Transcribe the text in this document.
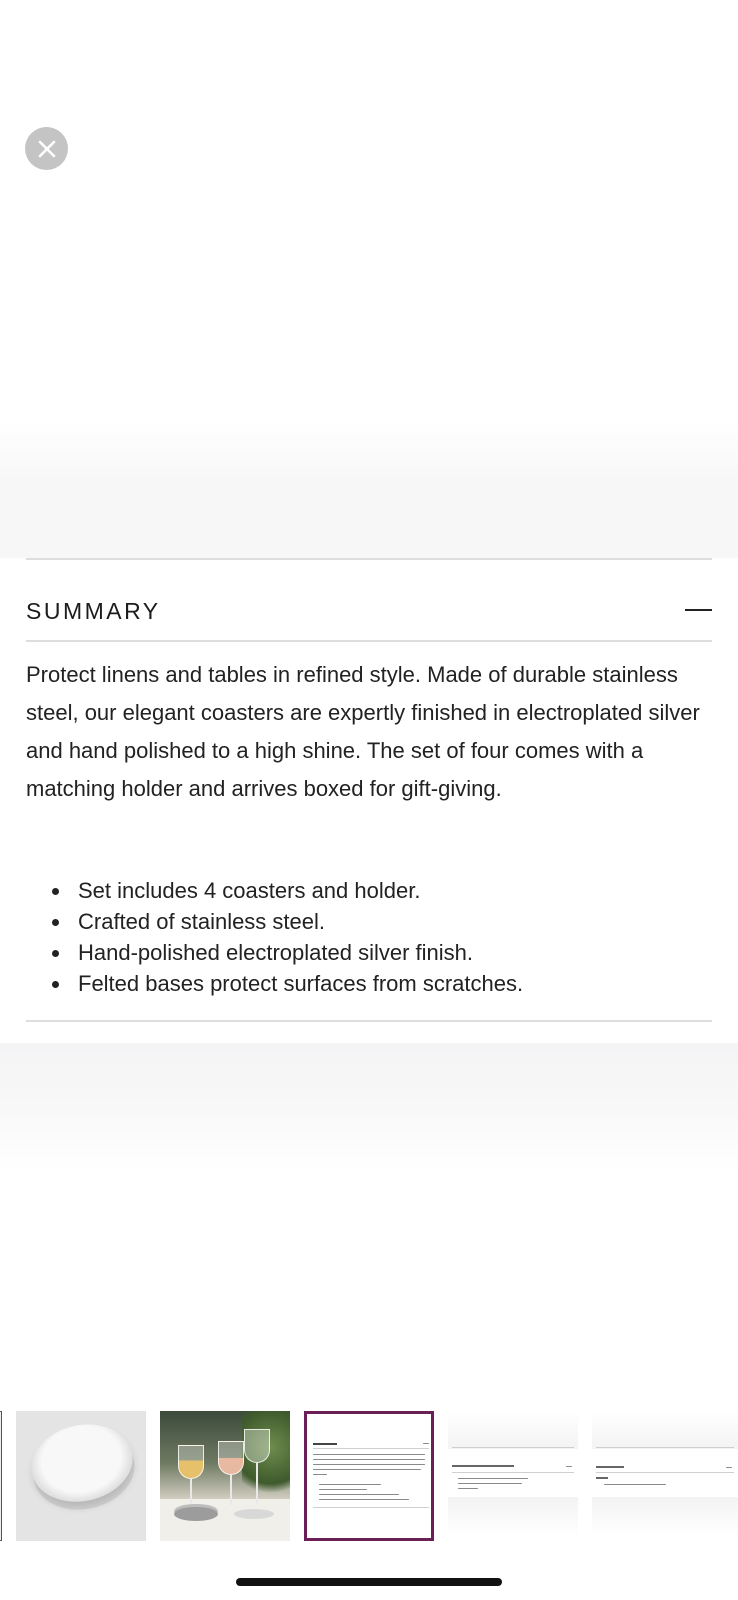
SUMMARY

Protect linens and tables in refined style. Made of durable stainless steel, our elegant coasters are expertly finished in electroplated silver and hand polished to a high shine. The set of four comes with a matching holder and arrives boxed for gift-giving.

Set includes 4 coasters and holder.
Crafted of stainless steel.
Hand-polished electroplated silver finish.
Felted bases protect surfaces from scratches.
